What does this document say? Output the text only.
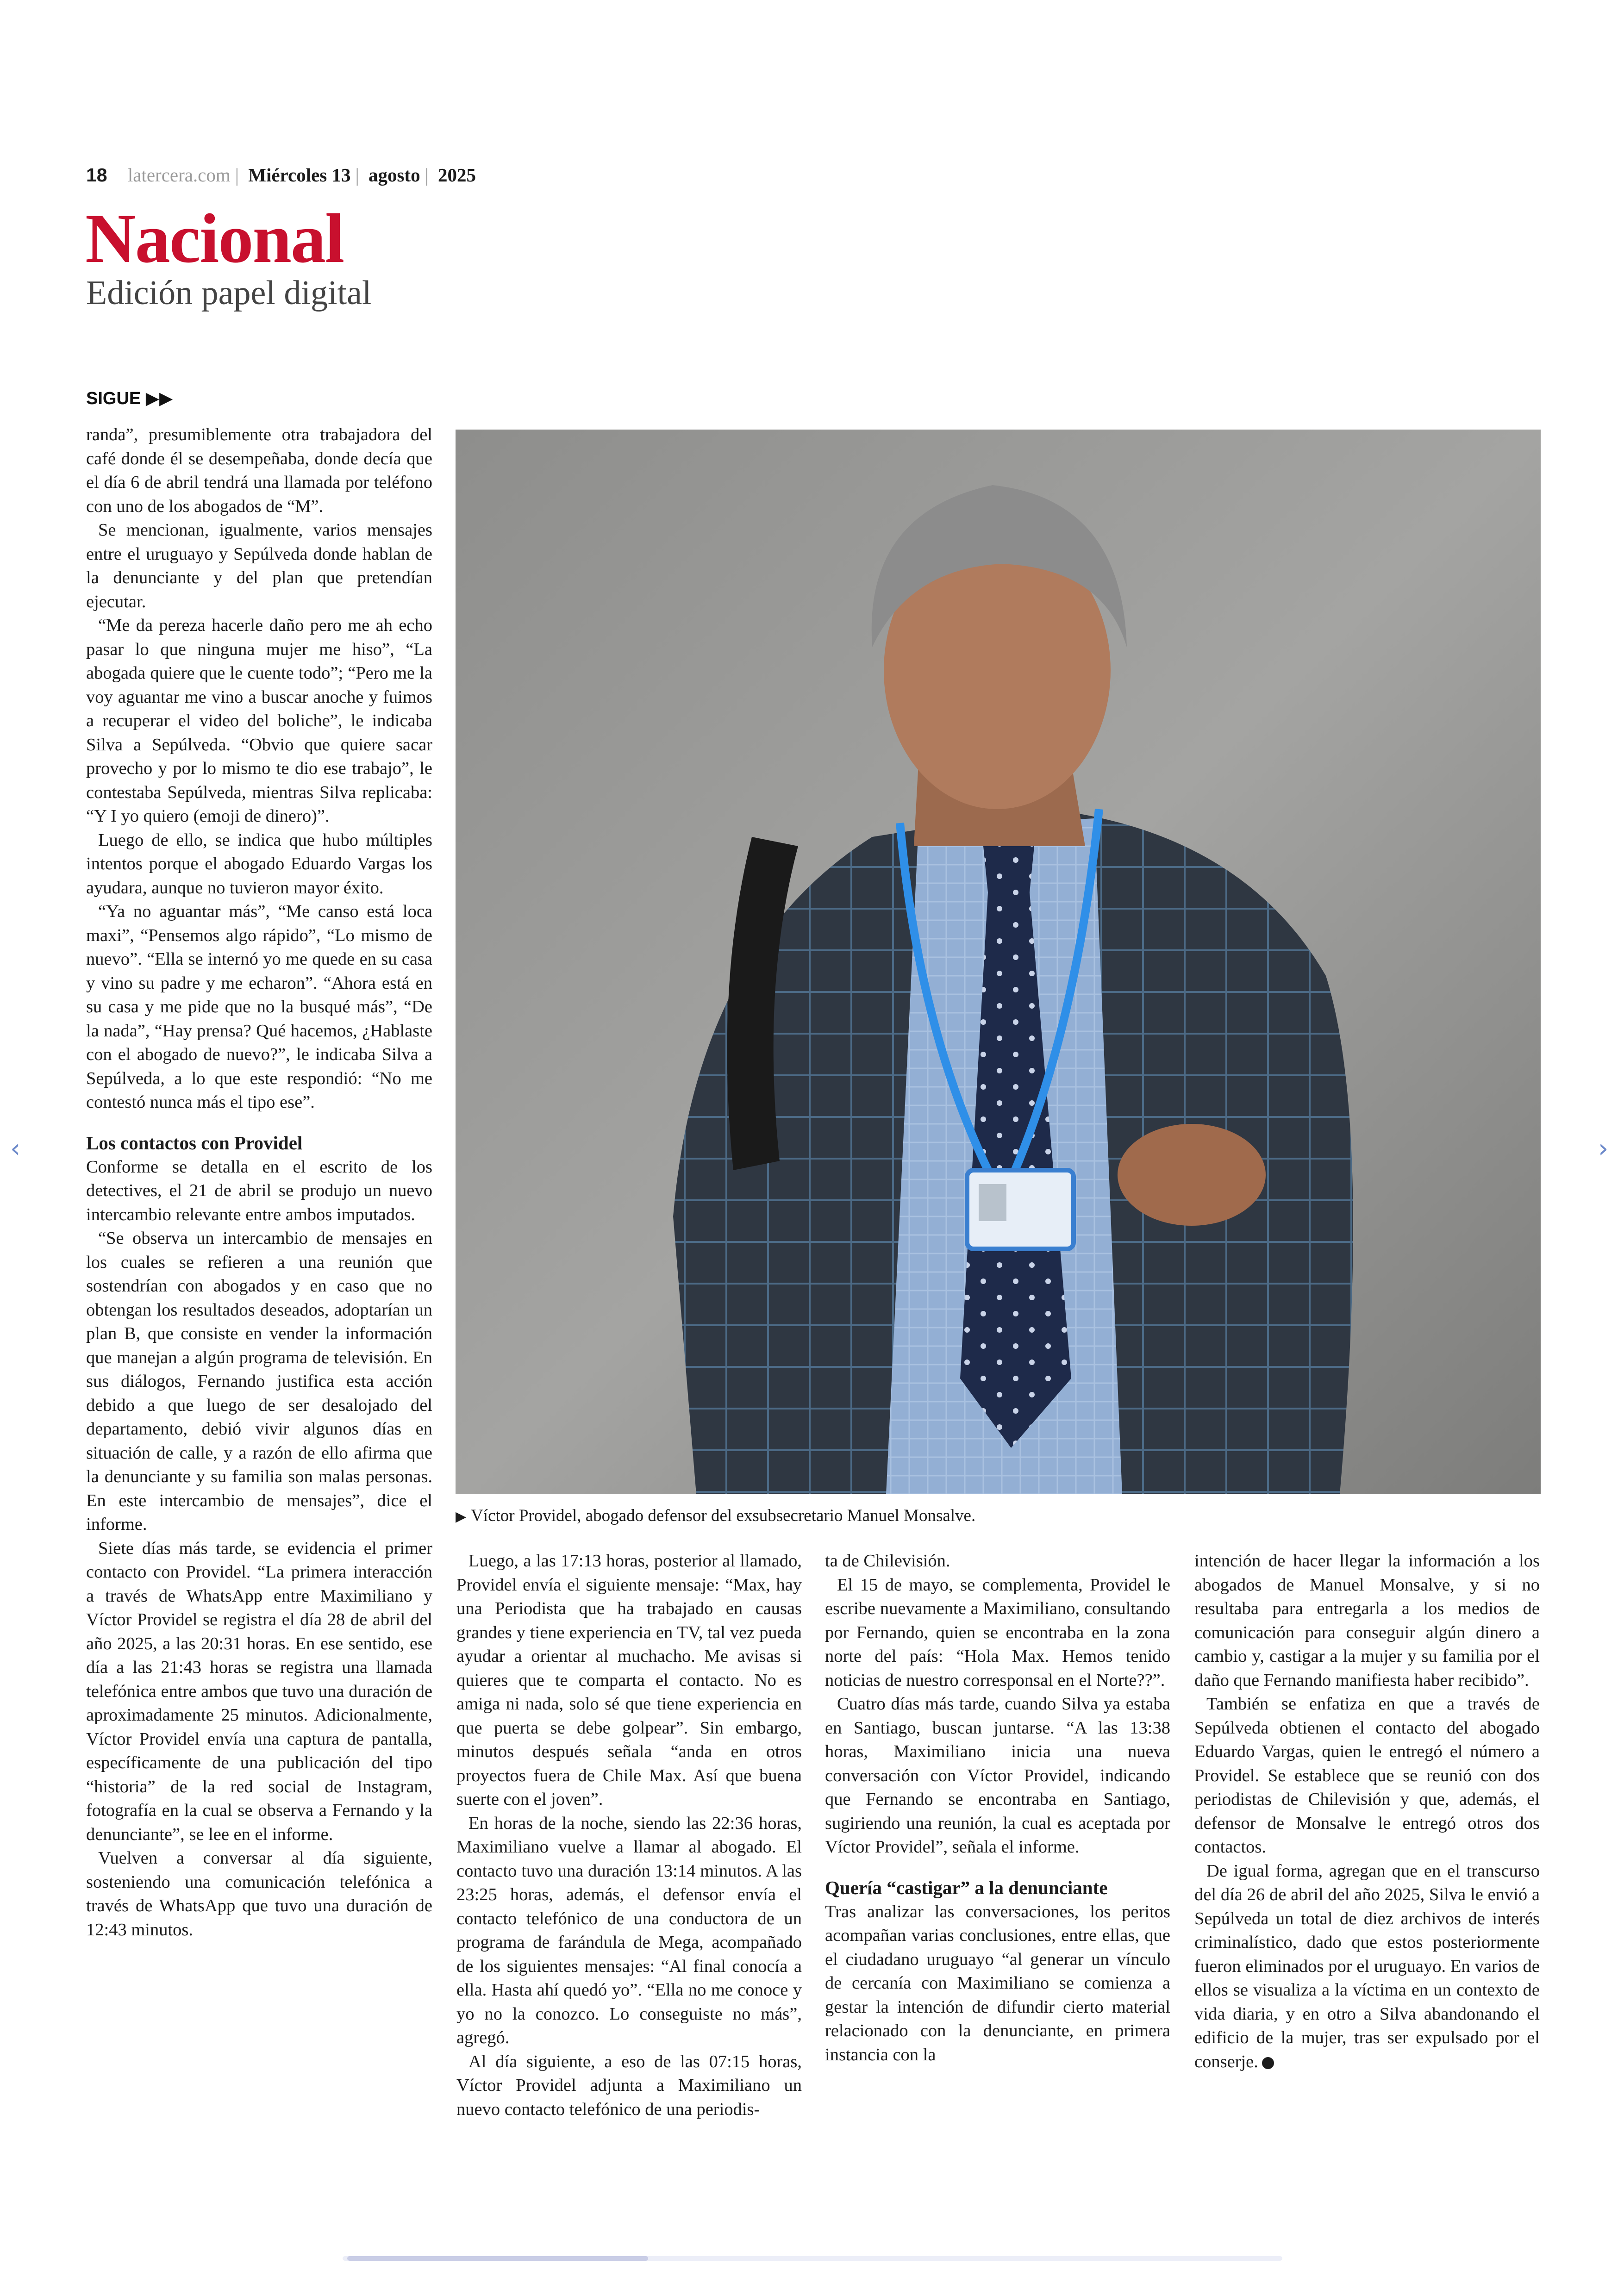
18 latercera.com | Miércoles 13 | agosto | 2025
Nacional
Edición papel digital
SIGUE ▶▶

randa”, presumiblemente otra trabajadora del café donde él se desempeñaba, donde decía que el día 6 de abril tendrá una llamada por teléfono con uno de los abogados de “M”.

Se mencionan, igualmente, varios mensajes entre el uruguayo y Sepúlveda donde hablan de la denunciante y del plan que pretendían ejecutar.

“Me da pereza hacerle daño pero me ah echo pasar lo que ninguna mujer me hiso”, “La abogada quiere que le cuente todo”; “Pero me la voy aguantar me vino a buscar anoche y fuimos a recuperar el video del boliche”, le indicaba Silva a Sepúlveda. “Obvio que quiere sacar provecho y por lo mismo te dio ese trabajo”, le contestaba Sepúlveda, mientras Silva replicaba: “Y I yo quiero (emoji de dinero)”.

Luego de ello, se indica que hubo múltiples intentos porque el abogado Eduardo Vargas los ayudara, aunque no tuvieron mayor éxito.

“Ya no aguantar más”, “Me canso está loca maxi”, “Pensemos algo rápido”, “Lo mismo de nuevo”. “Ella se internó yo me quede en su casa y vino su padre y me echaron”. “Ahora está en su casa y me pide que no la busqué más”, “De la nada”, “Hay prensa? Qué hacemos, ¿Hablaste con el abogado de nuevo?”, le indicaba Silva a Sepúlveda, a lo que este respondió: “No me contestó nunca más el tipo ese”.

Los contactos con Providel

Conforme se detalla en el escrito de los detectives, el 21 de abril se produjo un nuevo intercambio relevante entre ambos imputados.

“Se observa un intercambio de mensajes en los cuales se refieren a una reunión que sostendrían con abogados y en caso que no obtengan los resultados deseados, adoptarían un plan B, que consiste en vender la información que manejan a algún programa de televisión. En sus diálogos, Fernando justifica esta acción debido a que luego de ser desalojado del departamento, debió vivir algunos días en situación de calle, y a razón de ello afirma que la denunciante y su familia son malas personas. En este intercambio de mensajes”, dice el informe.

Siete días más tarde, se evidencia el primer contacto con Providel. “La primera interacción a través de WhatsApp entre Maximiliano y Víctor Providel se registra el día 28 de abril del año 2025, a las 20:31 horas. En ese sentido, ese día a las 21:43 horas se registra una llamada telefónica entre ambos que tuvo una duración de aproximadamente 25 minutos. Adicionalmente, Víctor Providel envía una captura de pantalla, específicamente de una publicación del tipo “historia” de la red social de Instagram, fotografía en la cual se observa a Fernando y la denunciante”, se lee en el informe.

Vuelven a conversar al día siguiente, sosteniendo una comunicación telefónica a través de WhatsApp que tuvo una duración de 12:43 minutos.

▶ Víctor Providel, abogado defensor del exsubsecretario Manuel Monsalve.

Luego, a las 17:13 horas, posterior al llamado, Providel envía el siguiente mensaje: “Max, hay una Periodista que ha trabajado en causas grandes y tiene experiencia en TV, tal vez pueda ayudar a orientar al muchacho. Me avisas si quieres que te comparta el contacto. No es amiga ni nada, solo sé que tiene experiencia en que puerta se debe golpear”. Sin embargo, minutos después señala “anda en otros proyectos fuera de Chile Max. Así que buena suerte con el joven”.

En horas de la noche, siendo las 22:36 horas, Maximiliano vuelve a llamar al abogado. El contacto tuvo una duración 13:14 minutos. A las 23:25 horas, además, el defensor envía el contacto telefónico de una conductora de un programa de farándula de Mega, acompañado de los siguientes mensajes: “Al final conocía a ella. Hasta ahí quedó yo”. “Ella no me conoce y yo no la conozco. Lo conseguiste no más”, agregó.

Al día siguiente, a eso de las 07:15 horas, Víctor Providel adjunta a Maximiliano un nuevo contacto telefónico de una periodis-

ta de Chilevisión.

El 15 de mayo, se complementa, Providel le escribe nuevamente a Maximiliano, consultando por Fernando, quien se encontraba en la zona norte del país: “Hola Max. Hemos tenido noticias de nuestro corresponsal en el Norte??”.

Cuatro días más tarde, cuando Silva ya estaba en Santiago, buscan juntarse. “A las 13:38 horas, Maximiliano inicia una nueva conversación con Víctor Providel, indicando que Fernando se encontraba en Santiago, sugiriendo una reunión, la cual es aceptada por Víctor Providel”, señala el informe.

Quería “castigar” a la denunciante

Tras analizar las conversaciones, los peritos acompañan varias conclusiones, entre ellas, que el ciudadano uruguayo “al generar un vínculo de cercanía con Maximiliano se comienza a gestar la intención de difundir cierto material relacionado con la denunciante, en primera instancia con la

intención de hacer llegar la información a los abogados de Manuel Monsalve, y si no resultaba para entregarla a los medios de comunicación para conseguir algún dinero a cambio y, castigar a la mujer y su familia por el daño que Fernando manifiesta haber recibido”.

También se enfatiza en que a través de Sepúlveda obtienen el contacto del abogado Eduardo Vargas, quien le entregó el número a Providel. Se establece que se reunió con dos periodistas de Chilevisión y que, además, el defensor de Monsalve le entregó otros dos contactos.

De igual forma, agregan que en el transcurso del día 26 de abril del año 2025, Silva le envió a Sepúlveda un total de diez archivos de interés criminalístico, dado que estos posteriormente fueron eliminados por el uruguayo. En varios de ellos se visualiza a la víctima en un contexto de vida diaria, y en otro a Silva abandonando el edificio de la mujer, tras ser expulsado por el conserje.

‹	›
